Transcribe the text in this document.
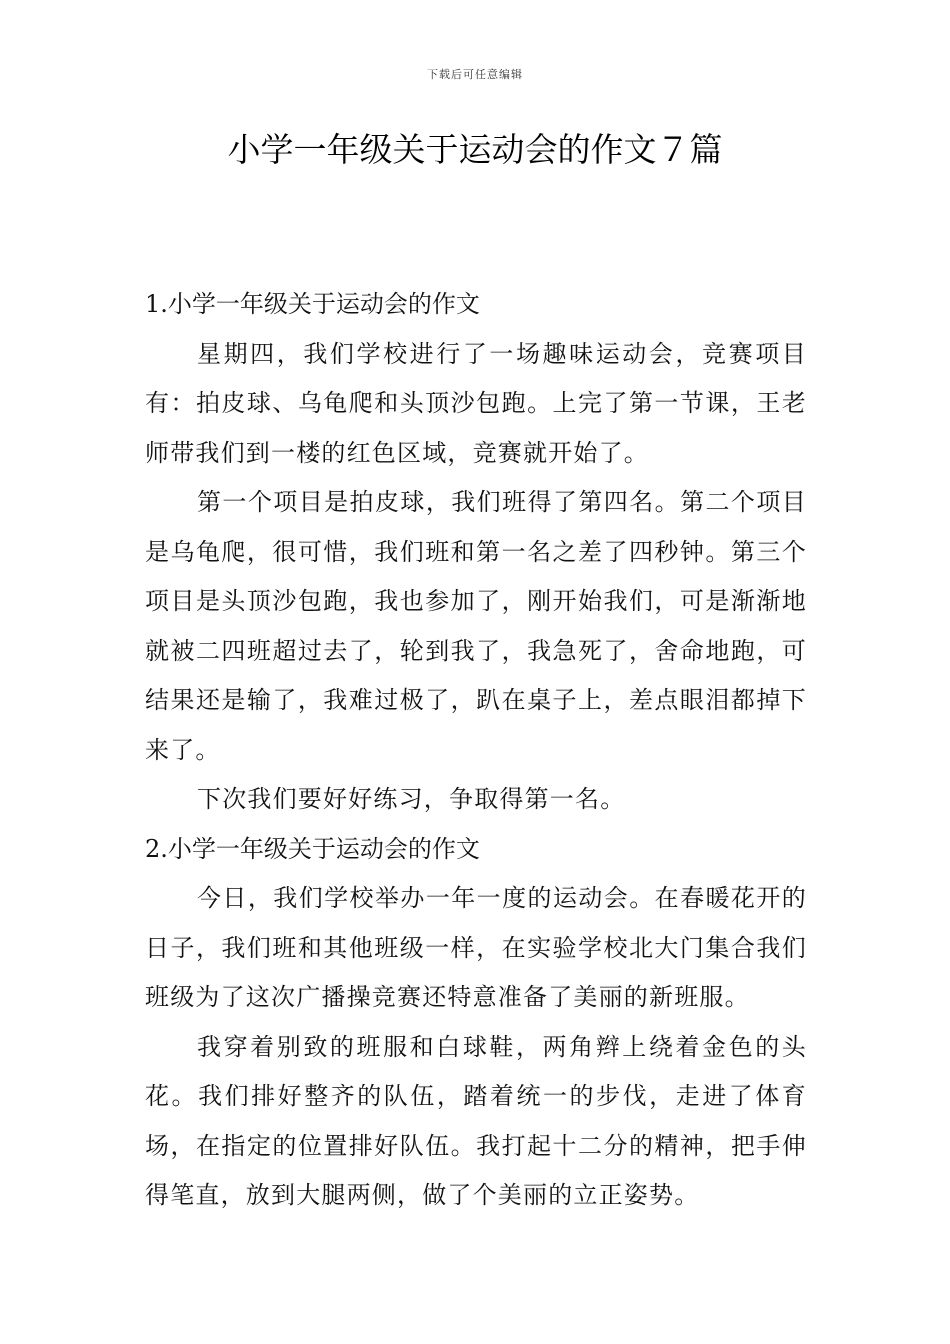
下载后可任意编辑
小学一年级关于运动会的作文７篇

1.小学一年级关于运动会的作文

星期四，我们学校进行了一场趣味运动会，竞赛项目有：拍皮球、乌龟爬和头顶沙包跑。上完了第一节课，王老师带我们到一楼的红色区域，竞赛就开始了。

第一个项目是拍皮球，我们班得了第四名。第二个项目是乌龟爬，很可惜，我们班和第一名之差了四秒钟。第三个项目是头顶沙包跑，我也参加了，刚开始我们，可是渐渐地就被二四班超过去了，轮到我了，我急死了，舍命地跑，可结果还是输了，我难过极了，趴在桌子上，差点眼泪都掉下来了。

下次我们要好好练习，争取得第一名。

2.小学一年级关于运动会的作文

今日，我们学校举办一年一度的运动会。在春暖花开的日子，我们班和其他班级一样，在实验学校北大门集合我们班级为了这次广播操竞赛还特意准备了美丽的新班服。

我穿着别致的班服和白球鞋，两角辫上绕着金色的头花。我们排好整齐的队伍，踏着统一的步伐，走进了体育场，在指定的位置排好队伍。我打起十二分的精神，把手伸得笔直，放到大腿两侧，做了个美丽的立正姿势。
